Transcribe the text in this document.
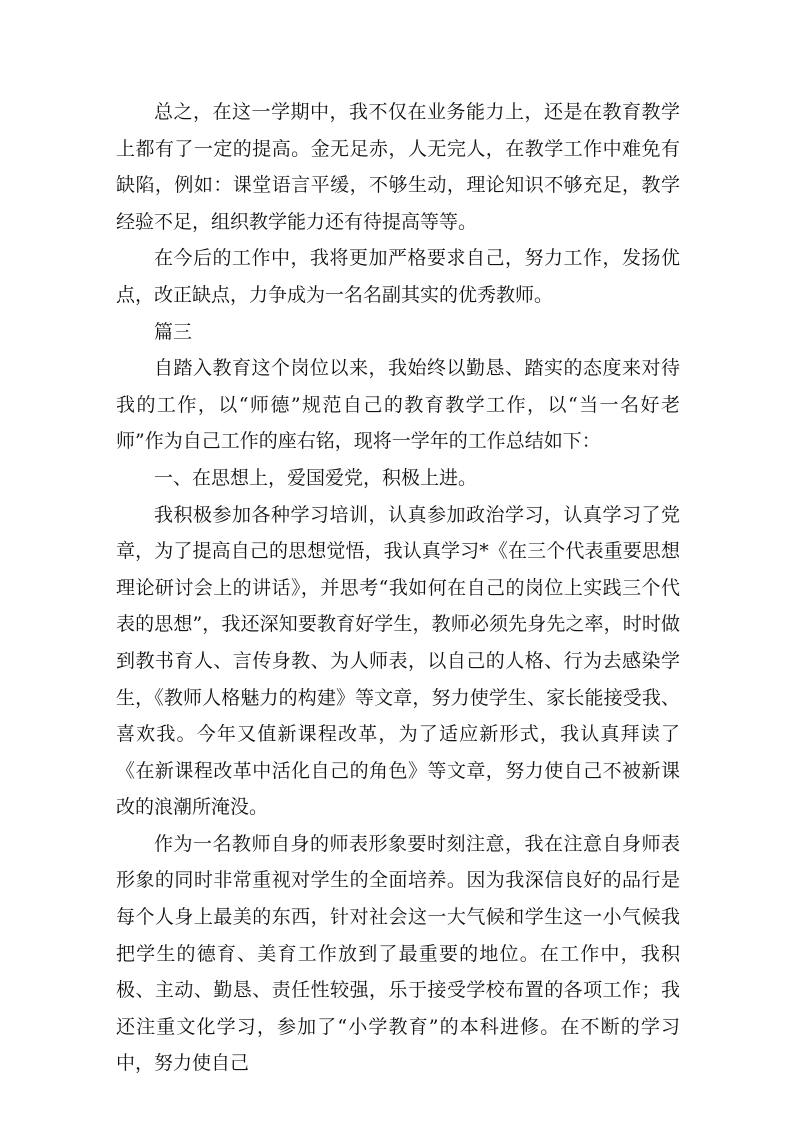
总之，在这一学期中，我不仅在业务能力上，还是在教育教学上都有了一定的提高。金无足赤，人无完人，在教学工作中难免有缺陷，例如：课堂语言平缓，不够生动，理论知识不够充足，教学经验不足，组织教学能力还有待提高等等。

在今后的工作中，我将更加严格要求自己，努力工作，发扬优点，改正缺点，力争成为一名名副其实的优秀教师。

篇三

自踏入教育这个岗位以来，我始终以勤恳、踏实的态度来对待我的工作，以“师德”规范自己的教育教学工作，以“当一名好老师”作为自己工作的座右铭，现将一学年的工作总结如下：

一、在思想上，爱国爱党，积极上进。

我积极参加各种学习培训，认真参加政治学习，认真学习了党章，为了提高自己的思想觉悟，我认真学习*《在三个代表重要思想理论研讨会上的讲话》，并思考“我如何在自己的岗位上实践三个代表的思想”，我还深知要教育好学生，教师必须先身先之率，时时做到教书育人、言传身教、为人师表，以自己的人格、行为去感染学生，《教师人格魅力的构建》等文章，努力使学生、家长能接受我、喜欢我。今年又值新课程改革，为了适应新形式，我认真拜读了《在新课程改革中活化自己的角色》等文章，努力使自己不被新课改的浪潮所淹没。

作为一名教师自身的师表形象要时刻注意，我在注意自身师表形象的同时非常重视对学生的全面培养。因为我深信良好的品行是每个人身上最美的东西，针对社会这一大气候和学生这一小气候我把学生的德育、美育工作放到了最重要的地位。在工作中，我积极、主动、勤恳、责任性较强，乐于接受学校布置的各项工作；我还注重文化学习，参加了“小学教育”的本科进修。在不断的学习中，努力使自己
